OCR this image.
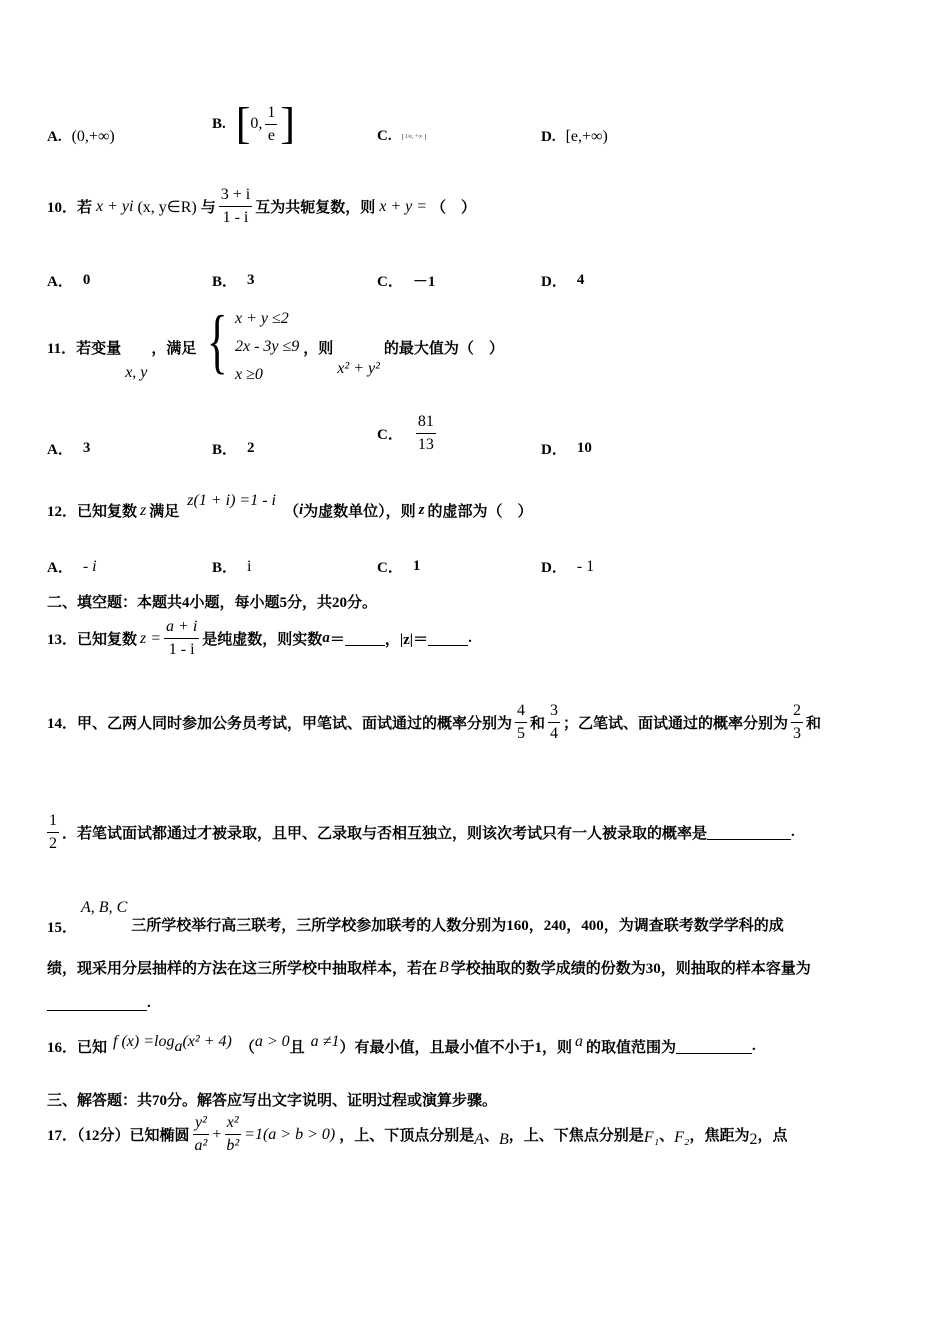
A. (0,+∞)
B. [ 0, $\frac{1}{e}$ ]	C.	1/e, +∞	D. [e,+∞)
10．若 x + yi (x, y∈R) 与 $\frac{3 + i}{1 - i}$ 互为共轭复数，则 x + y = （　）
A． 0	B． 3	C． －1	D． 4
11．若变量
x, y
，满足 { x + y ≤2
2x - 3y ≤9
x ≥0
，则
x² + y²
的最大值为（　）
A． 3	B． 2
C． $\frac{81}{13}$	D． 10
12．已知复数 z 满足
z(1 + i) =1 - i
（ i 为虚数单位），则 z 的虚部为（　）
A． - i	B． i	C． 1	D． - 1
二、填空题：本题共4小题，每小题5分，共20分。
13．已知复数 $z = \frac{a + i}{1 - i}$ 是纯虚数，则实数 a ＝	，|z|＝	.
14．甲、乙两人同时参加公务员考试，甲笔试、面试通过的概率分别为 $\frac{4}{5}$ 和 $\frac{3}{4}$ ；乙笔试、面试通过的概率分别为 $\frac{2}{3}$ 和
$\frac{1}{2}$ ．若笔试面试都通过才被录取，且甲、乙录取与否相互独立，则该次考试只有一人被录取的概率是	.
15．
A, B, C
三所学校举行高三联考，三所学校参加联考的人数分别为160，240，400，为调查联考数学学科的成
绩，现采用分层抽样的方法在这三所学校中抽取样本，若在 B 学校抽取的数学成绩的份数为30，则抽取的样本容量为
.
16．已知 f (x) =log a (x² + 4) （ a > 0 且 a ≠1 ）有最小值，且最小值不小于1，则 a 的取值范围为	.
三、解答题：共70分。解答应写出文字说明、证明过程或演算步骤。
17．（12分）已知椭圆 $\frac{\text{y²}}{\text{a²}} + \frac{\text{x²}}{\text{b²}} =1(a > b > 0)$ ，上、下顶点分别是 A 、 B ，上、下焦点分别是 F₁ 、 F₂ ，焦距为 2 ，点
